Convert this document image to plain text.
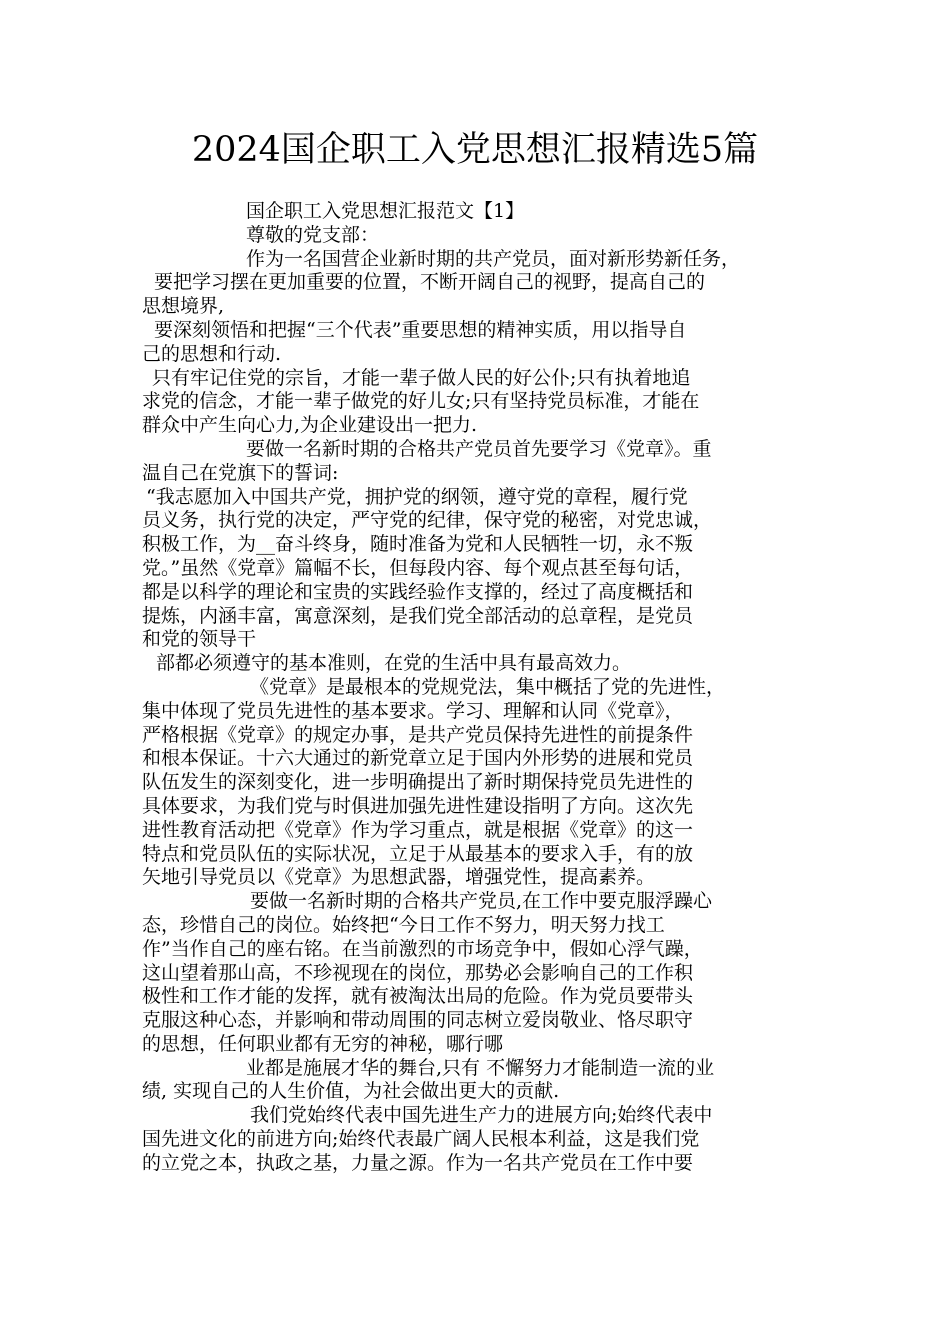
2024国企职工入党思想汇报精选5篇
国企职工入党思想汇报范文【1】
尊敬的党支部：
作为一名国营企业新时期的共产党员，面对新形势新任务，
要把学习摆在更加重要的位置，不断开阔自己的视野，提高自己的
思想境界,
要深刻领悟和把握“三个代表”重要思想的精神实质，用以指导自
己的思想和行动.
只有牢记住党的宗旨，才能一辈子做人民的好公仆;只有执着地追
求党的信念，才能一辈子做党的好儿女;只有坚持党员标准，才能在
群众中产生向心力,为企业建设出一把力.
要做一名新时期的合格共产党员首先要学习《党章》。重
温自己在党旗下的誓词:
“我志愿加入中国共产党，拥护党的纲领，遵守党的章程，履行党
员义务，执行党的决定，严守党的纪律，保守党的秘密，对党忠诚，
积极工作，为__奋斗终身，随时准备为党和人民牺牲一切，永不叛
党。”虽然《党章》篇幅不长，但每段内容、每个观点甚至每句话，
都是以科学的理论和宝贵的实践经验作支撑的，经过了高度概括和
提炼，内涵丰富，寓意深刻，是我们党全部活动的总章程，是党员
和党的领导干
部都必须遵守的基本准则，在党的生活中具有最高效力。
《党章》是最根本的党规党法，集中概括了党的先进性，
集中体现了党员先进性的基本要求。学习、理解和认同《党章》，
严格根据《党章》的规定办事，是共产党员保持先进性的前提条件
和根本保证。十六大通过的新党章立足于国内外形势的进展和党员
队伍发生的深刻变化，进一步明确提出了新时期保持党员先进性的
具体要求，为我们党与时俱进加强先进性建设指明了方向。这次先
进性教育活动把《党章》作为学习重点，就是根据《党章》的这一
特点和党员队伍的实际状况，立足于从最基本的要求入手，有的放
矢地引导党员以《党章》为思想武器，增强党性，提高素养。
要做一名新时期的合格共产党员,在工作中要克服浮躁心
态，珍惜自己的岗位。始终把“今日工作不努力，明天努力找工
作”当作自己的座右铭。在当前激烈的市场竞争中，假如心浮气躁，
这山望着那山高，不珍视现在的岗位，那势必会影响自己的工作积
极性和工作才能的发挥，就有被淘汰出局的危险。作为党员要带头
克服这种心态，并影响和带动周围的同志树立爱岗敬业、恪尽职守
的思想，任何职业都有无穷的神秘，哪行哪
业都是施展才华的舞台,只有 不懈努力才能制造一流的业
绩, 实现自己的人生价值，为社会做出更大的贡献.
我们党始终代表中国先进生产力的进展方向;始终代表中
国先进文化的前进方向;始终代表最广阔人民根本利益，这是我们党
的立党之本，执政之基，力量之源。作为一名共产党员在工作中要
